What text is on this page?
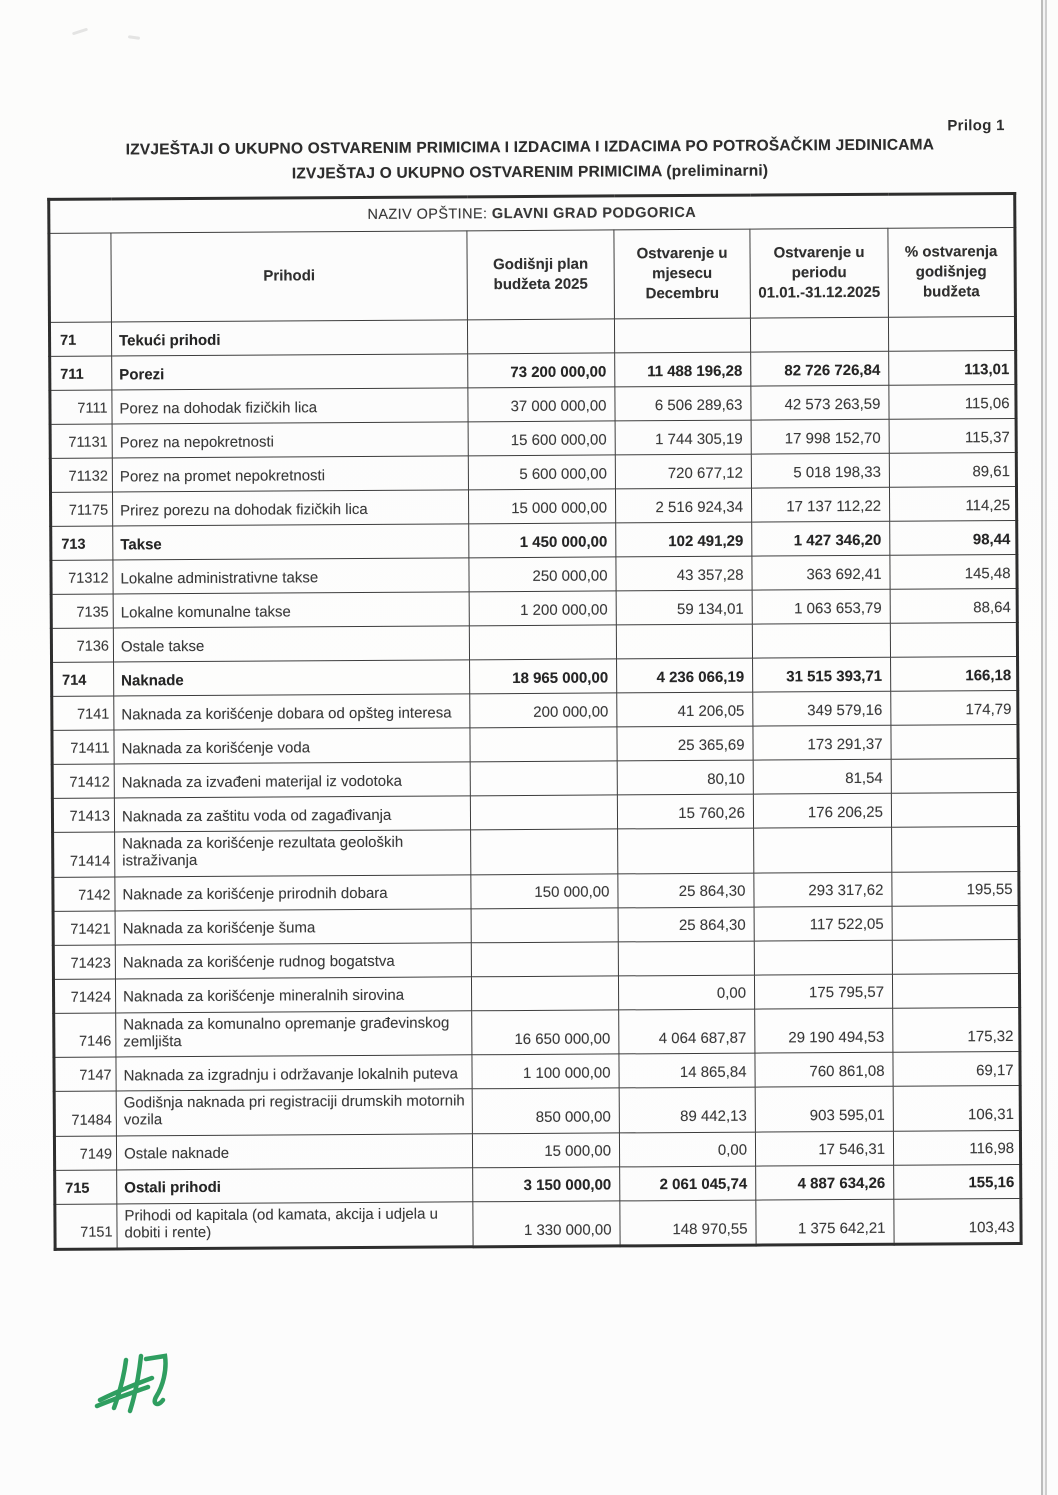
Prilog 1
IZVJEŠTAJI O UKUPNO OSTVARENIM PRIMICIMA I IZDACIMA I IZDACIMA PO POTROŠAČKIM JEDINICAMA
IZVJEŠTAJ O UKUPNO OSTVARENIM PRIMICIMA (preliminarni)
NAZIV OPŠTINE: GLAVNI GRAD PODGORICA					
	Prihodi	Godišnji plan budžeta 2025	Ostvarenje u mjesecu Decembru	Ostvarenje u periodu 01.01.-31.12.2025	% ostvarenja godišnjeg budžeta
71	Tekući prihodi				
711	Porezi	73 200 000,00	11 488 196,28	82 726 726,84	113,01
7111	Porez na dohodak fizičkih lica	37 000 000,00	6 506 289,63	42 573 263,59	115,06
71131	Porez na nepokretnosti	15 600 000,00	1 744 305,19	17 998 152,70	115,37
71132	Porez na promet nepokretnosti	5 600 000,00	720 677,12	5 018 198,33	89,61
71175	Prirez porezu na dohodak fizičkih lica	15 000 000,00	2 516 924,34	17 137 112,22	114,25
713	Takse	1 450 000,00	102 491,29	1 427 346,20	98,44
71312	Lokalne administrativne takse	250 000,00	43 357,28	363 692,41	145,48
7135	Lokalne komunalne takse	1 200 000,00	59 134,01	1 063 653,79	88,64
7136	Ostale takse				
714	Naknade	18 965 000,00	4 236 066,19	31 515 393,71	166,18
7141	Naknada za korišćenje dobara od opšteg interesa	200 000,00	41 206,05	349 579,16	174,79
71411	Naknada za korišćenje voda		25 365,69	173 291,37	
71412	Naknada za izvađeni materijal iz vodotoka		80,10	81,54	
71413	Naknada za zaštitu voda od zagađivanja		15 760,26	176 206,25	
71414	Naknada za korišćenje rezultata geoloških istraživanja				
7142	Naknade za korišćenje prirodnih dobara	150 000,00	25 864,30	293 317,62	195,55
71421	Naknada za korišćenje šuma		25 864,30	117 522,05	
71423	Naknada za korišćenje rudnog bogatstva				
71424	Naknada za korišćenje mineralnih sirovina		0,00	175 795,57	
7146	Naknada za komunalno opremanje građevinskog zemljišta	16 650 000,00	4 064 687,87	29 190 494,53	175,32
7147	Naknada za izgradnju i održavanje lokalnih puteva	1 100 000,00	14 865,84	760 861,08	69,17
71484	Godišnja naknada pri registraciji drumskih motornih vozila	850 000,00	89 442,13	903 595,01	106,31
7149	Ostale naknade	15 000,00	0,00	17 546,31	116,98
715	Ostali prihodi	3 150 000,00	2 061 045,74	4 887 634,26	155,16
7151	Prihodi od kapitala (od kamata, akcija i udjela u dobiti i rente)	1 330 000,00	148 970,55	1 375 642,21	103,43
